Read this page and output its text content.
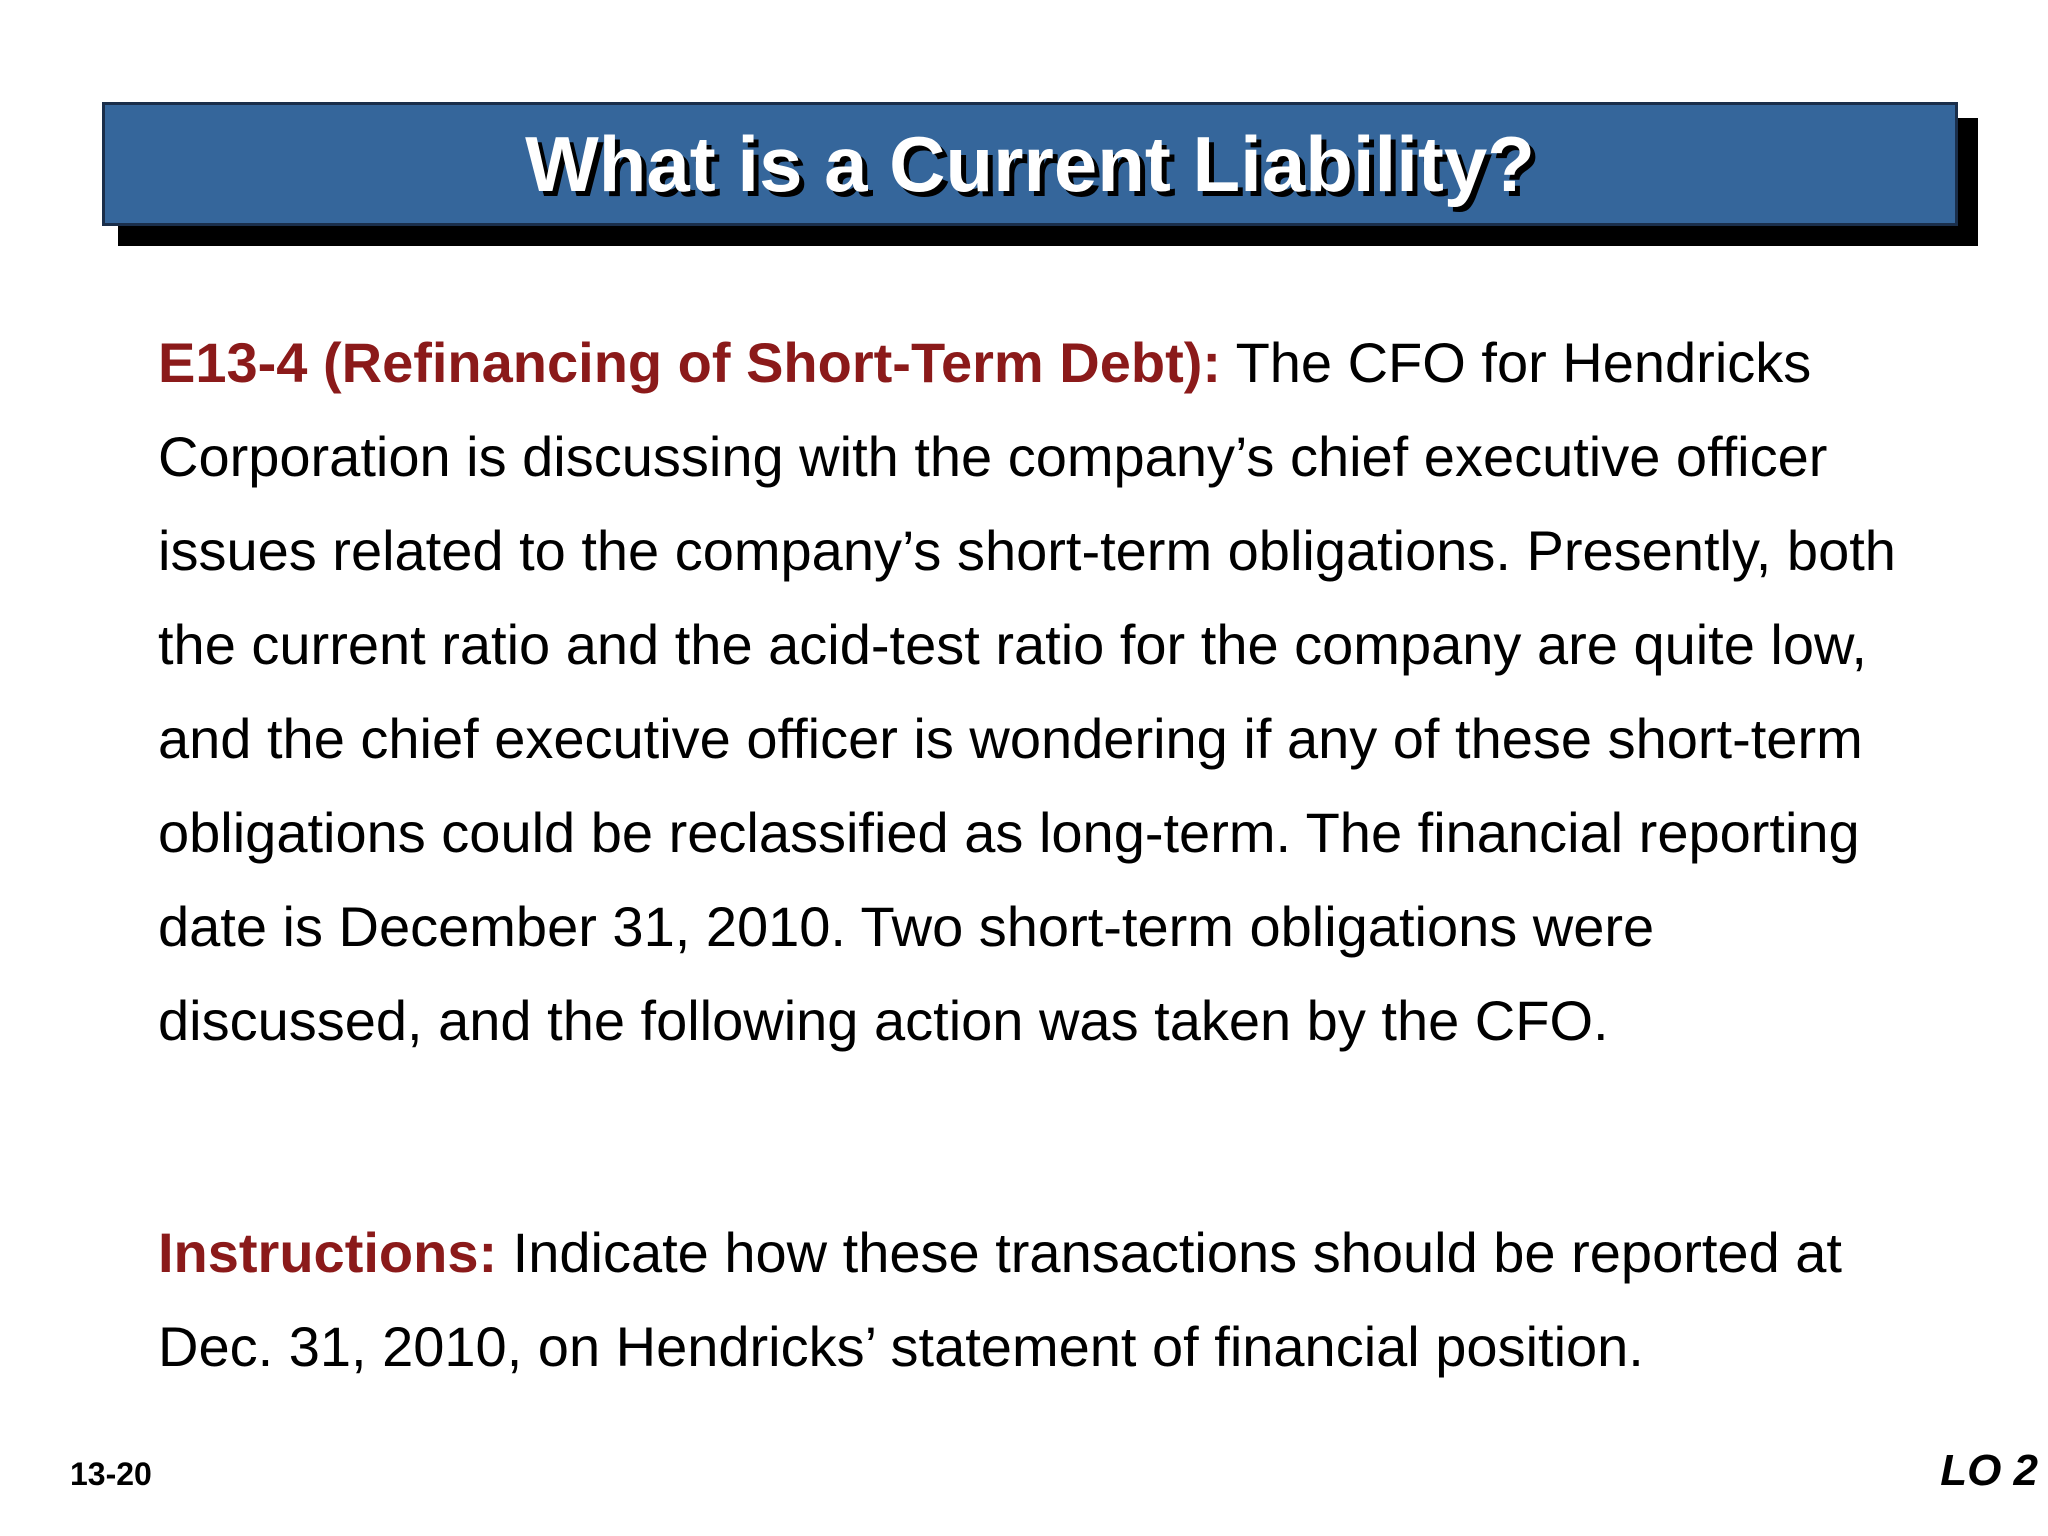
What is a Current Liability?
E13-4 (Refinancing of Short-Term Debt): The CFO for Hendricks Corporation is discussing with the company’s chief executive officer issues related to the company’s short-term obligations. Presently, both the current ratio and the acid-test ratio for the company are quite low, and the chief executive officer is wondering if any of these short-term obligations could be reclassified as long-term. The financial reporting date is December 31, 2010. Two short-term obligations were discussed, and the following action was taken by the CFO.
Instructions: Indicate how these transactions should be reported at Dec. 31, 2010, on Hendricks’ statement of financial position.
13-20	LO 2
